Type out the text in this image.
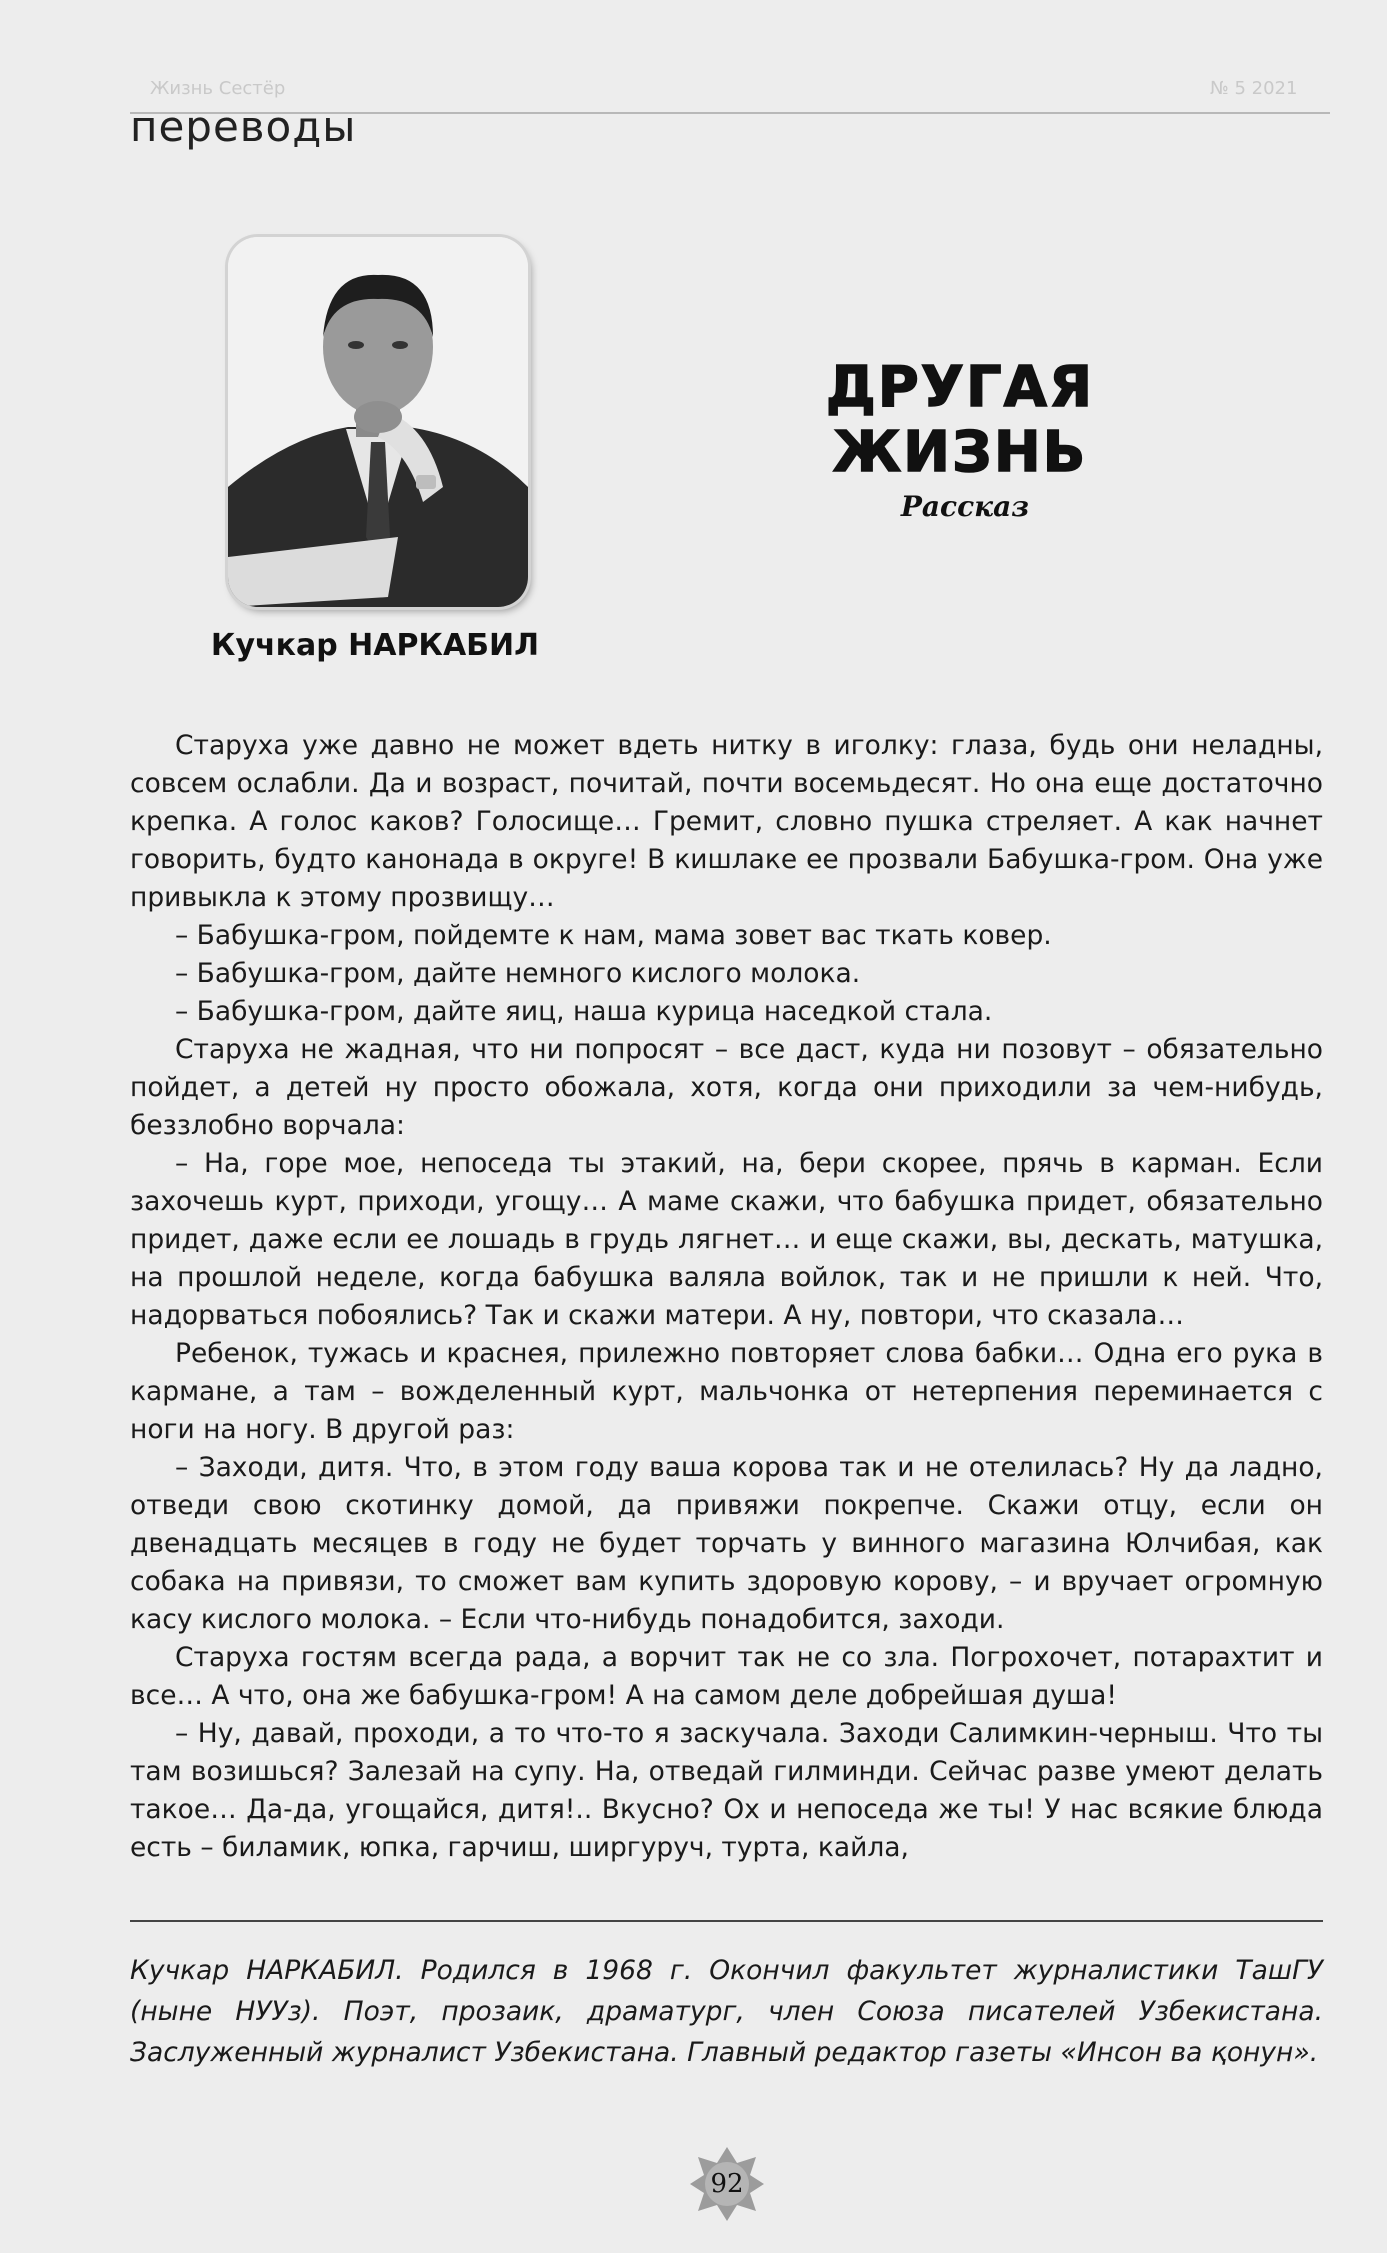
Жизнь Сестёр	№ 5 2021
переводы
Кучкар НАРКАБИЛ
ДРУГАЯ ЖИЗНЬ
Рассказ

Старуха уже давно не может вдеть нитку в иголку: глаза, будь они неладны, совсем ослабли. Да и возраст, почитай, почти восемьдесят. Но она еще достаточно крепка. А голос каков? Голосище… Гремит, словно пушка стреляет. А как начнет говорить, будто канонада в округе! В кишлаке ее прозвали Бабушка-гром. Она уже привыкла к этому прозвищу…

– Бабушка-гром, пойдемте к нам, мама зовет вас ткать ковер.

– Бабушка-гром, дайте немного кислого молока.

– Бабушка-гром, дайте яиц, наша курица наседкой стала.

Старуха не жадная, что ни попросят – все даст, куда ни позовут – обязательно пойдет, а детей ну просто обожала, хотя, когда они приходили за чем-нибудь, беззлобно ворчала:

– На, горе мое, непоседа ты этакий, на, бери скорее, прячь в карман. Если захочешь курт, приходи, угощу… А маме скажи, что бабушка придет, обязательно придет, даже если ее лошадь в грудь лягнет… и еще скажи, вы, дескать, матушка, на прошлой неделе, когда бабушка валяла войлок, так и не пришли к ней. Что, надорваться побоялись? Так и скажи матери. А ну, повтори, что сказала…

Ребенок, тужась и краснея, прилежно повторяет слова бабки… Одна его рука в кармане, а там – вожделенный курт, мальчонка от нетерпения переминается с ноги на ногу. В другой раз:

– Заходи, дитя. Что, в этом году ваша корова так и не отелилась? Ну да ладно, отведи свою скотинку домой, да привяжи покрепче. Скажи отцу, если он двенадцать месяцев в году не будет торчать у винного магазина Юлчибая, как собака на привязи, то сможет вам купить здоровую корову, – и вручает огромную касу кислого молока. – Если что-нибудь понадобится, заходи.

Старуха гостям всегда рада, а ворчит так не со зла. Погрохочет, потарахтит и все… А что, она же бабушка-гром! А на самом деле добрейшая душа!

– Ну, давай, проходи, а то что-то я заскучала. Заходи Салимкин-черныш. Что ты там возишься? Залезай на супу. На, отведай гилминди. Сейчас разве умеют делать такое… Да-да, угощайся, дитя!.. Вкусно? Ох и непоседа же ты! У нас всякие блюда есть – биламик, юпка, гарчиш, ширгуруч, турта, кайла,

Кучкар НАРКАБИЛ. Родился в 1968 г. Окончил факультет журналистики ТашГУ (ныне НУУз). Поэт, прозаик, драматург, член Союза писателей Узбекистана. Заслуженный журналист Узбекистана. Главный редактор газеты «Инсон ва қонун».

92
